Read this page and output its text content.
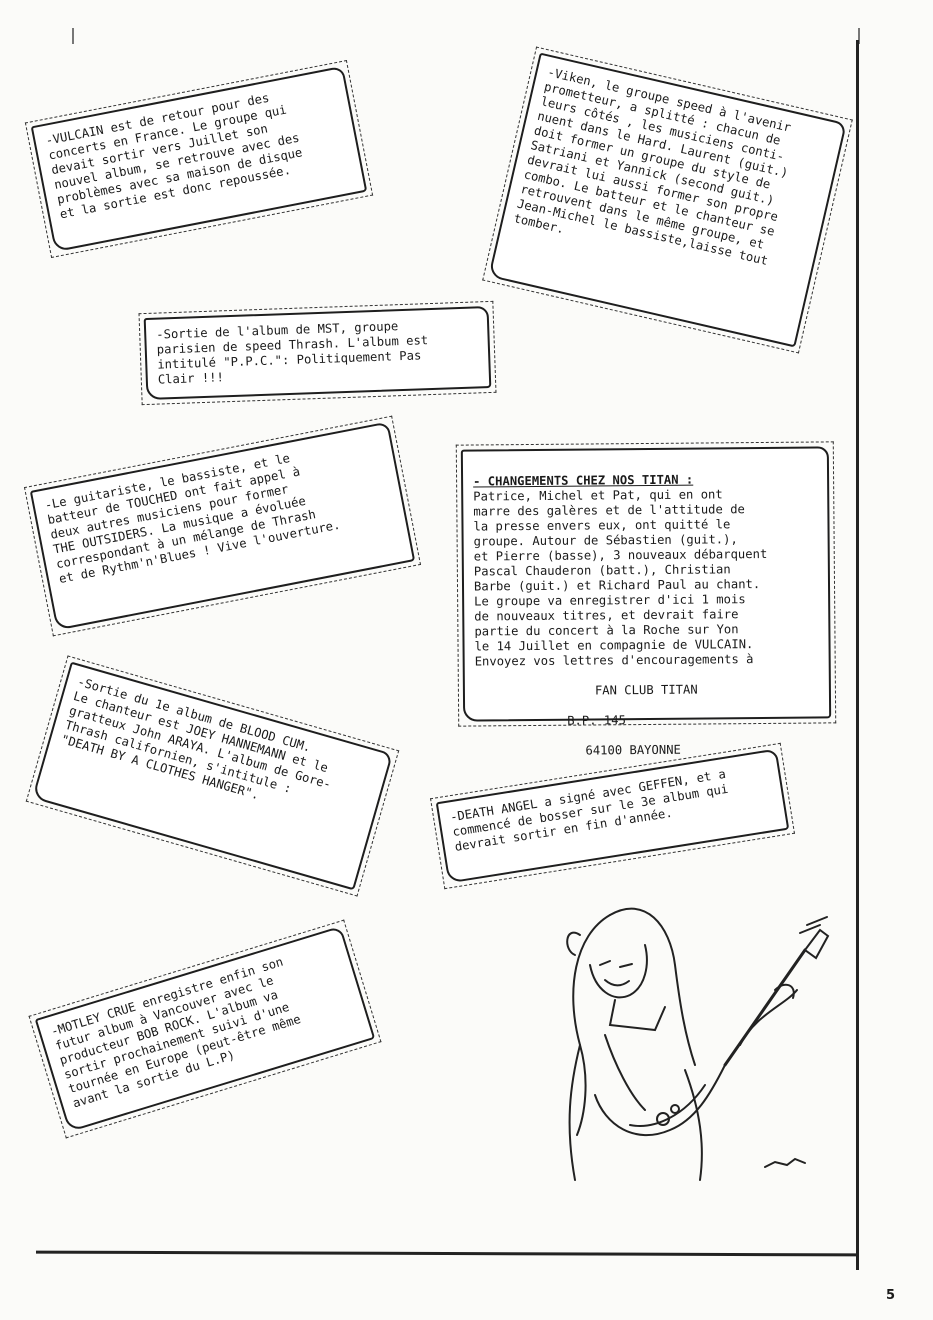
-VULCAIN est de retour pour des
concerts en France. Le groupe qui
devait sortir vers Juillet son
nouvel album, se retrouve avec des
problèmes avec sa maison de disque
et la sortie est donc repoussée.
-Viken, le groupe speed à l'avenir
prometteur, a splitté : chacun de
leurs côtés , les musiciens conti-
nuent dans le Hard. Laurent (guit.)
doit former un groupe du style de
Satriani et Yannick (second guit.)
devrait lui aussi former son propre
combo. Le batteur et le chanteur se
retrouvent dans le même groupe, et
Jean-Michel le bassiste,laisse tout
tomber.
-Sortie de l'album de MST, groupe
parisien de speed Thrash. L'album est
intitulé "P.P.C.": Politiquement Pas
Clair !!!
-Le guitariste, le bassiste, et le
batteur de TOUCHED ont fait appel à
deux autres musiciens pour former
THE OUTSIDERS. La musique a évoluée
correspondant à un mélange de Thrash
et de Rythm'n'Blues ! Vive l'ouverture.

- CHANGEMENTS CHEZ NOS TITAN :

Patrice, Michel et Pat, qui en ont
marre des galères et de l'attitude de
la presse envers eux, ont quitté le
groupe. Autour de Sébastien (guit.),
et Pierre (basse), 3 nouveaux débarquent
Pascal Chauderon (batt.), Christian
Barbe (guit.) et Richard Paul au chant.
Le groupe va enregistrer d'ici 1 mois
de nouveaux titres, et devrait faire
partie du concert à la Roche sur Yon
le 14 Juillet en compagnie de VULCAIN.
Envoyez vos lettres d'encouragements à

FAN CLUB TITAN

B.P. 145

64100 BAYONNE

-Sortie du 1e album de BLOOD CUM.
Le chanteur est JOEY HANNEMANN et le
gratteux John ARAYA. L'album de Gore-
Thrash californien, s'intitule :
"DEATH BY A CLOTHES HANGER".	-DEATH ANGEL a signé avec GEFFEN, et a
commencé de bosser sur le 3e album qui
devrait sortir en fin d'année.
-MOTLEY CRUE enregistre enfin son
futur album à Vancouver avec le
producteur BOB ROCK. L'album va
sortir prochainement suivi d'une
tournée en Europe (peut-être même
avant la sortie du L.P)
5
